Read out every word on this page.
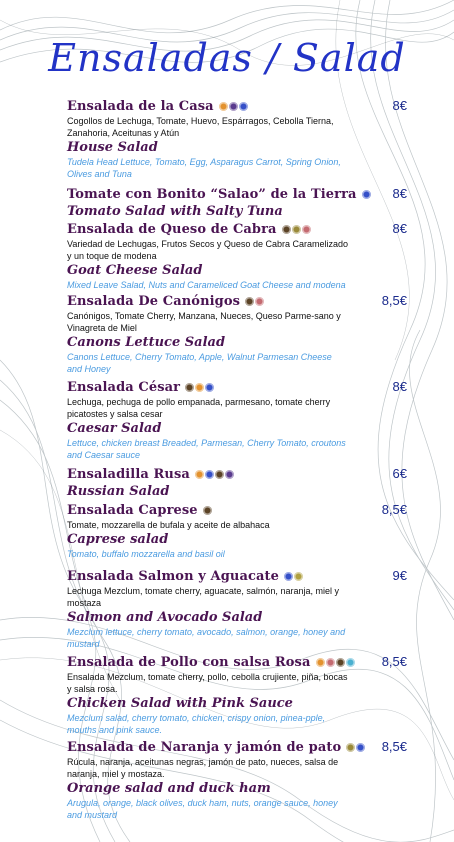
Ensaladas / Salad
Ensalada de la Casa	8€
Cogollos de Lechuga, Tomate, Huevo, Espárragos, Cebolla Tierna, Zanahoria, Aceitunas y Atún
House Salad
Tudela Head Lettuce, Tomato, Egg, Asparagus Carrot, Spring Onion, Olives and Tuna
Tomate con Bonito “Salao” de la Tierra	8€
Tomato Salad with Salty Tuna
Ensalada de Queso de Cabra	8€
Variedad de Lechugas, Frutos Secos y Queso de Cabra Caramelizado y un toque de modena
Goat Cheese Salad
Mixed Leave Salad, Nuts and Carameliced Goat Cheese and modena
Ensalada De Canónigos	8,5€
Canónigos, Tomate Cherry, Manzana, Nueces, Queso Parme-sano y Vinagreta de Miel
Canons Lettuce Salad
Canons Lettuce, Cherry Tomato, Apple, Walnut Parmesan Cheese and Honey
Ensalada César	8€
Lechuga, pechuga de pollo empanada, parmesano, tomate cherry picatostes y salsa cesar
Caesar Salad
Lettuce, chicken breast Breaded, Parmesan, Cherry Tomato, croutons and Caesar sauce
Ensaladilla Rusa	6€
Russian Salad
Ensalada Caprese	8,5€
Tomate, mozzarella de bufala y aceite de albahaca
Caprese salad
Tomato, buffalo mozzarella and basil oil
Ensalada Salmon y Aguacate	9€
Lechuga Mezclum, tomate cherry, aguacate, salmón, naranja, miel y mostaza
Salmon and Avocado Salad
Mezclum lettuce, cherry tomato, avocado, salmon, orange, honey and mustard
Ensalada de Pollo con salsa Rosa	8,5€
Ensalada Mezclum, tomate cherry, pollo, cebolla crujiente, piña, bocas y salsa rosa.
Chicken Salad with Pink Sauce
Mezclum salad, cherry tomato, chicken, crispy onion, pinea-pple, mouths and pink sauce.
Ensalada de Naranja y jamón de pato	8,5€
Rúcula, naranja, aceitunas negras, jamón de pato, nueces, salsa de naranja, miel y mostaza.
Orange salad and duck ham
Arugula, orange, black olives, duck ham, nuts, orange sauce, honey and mustard
